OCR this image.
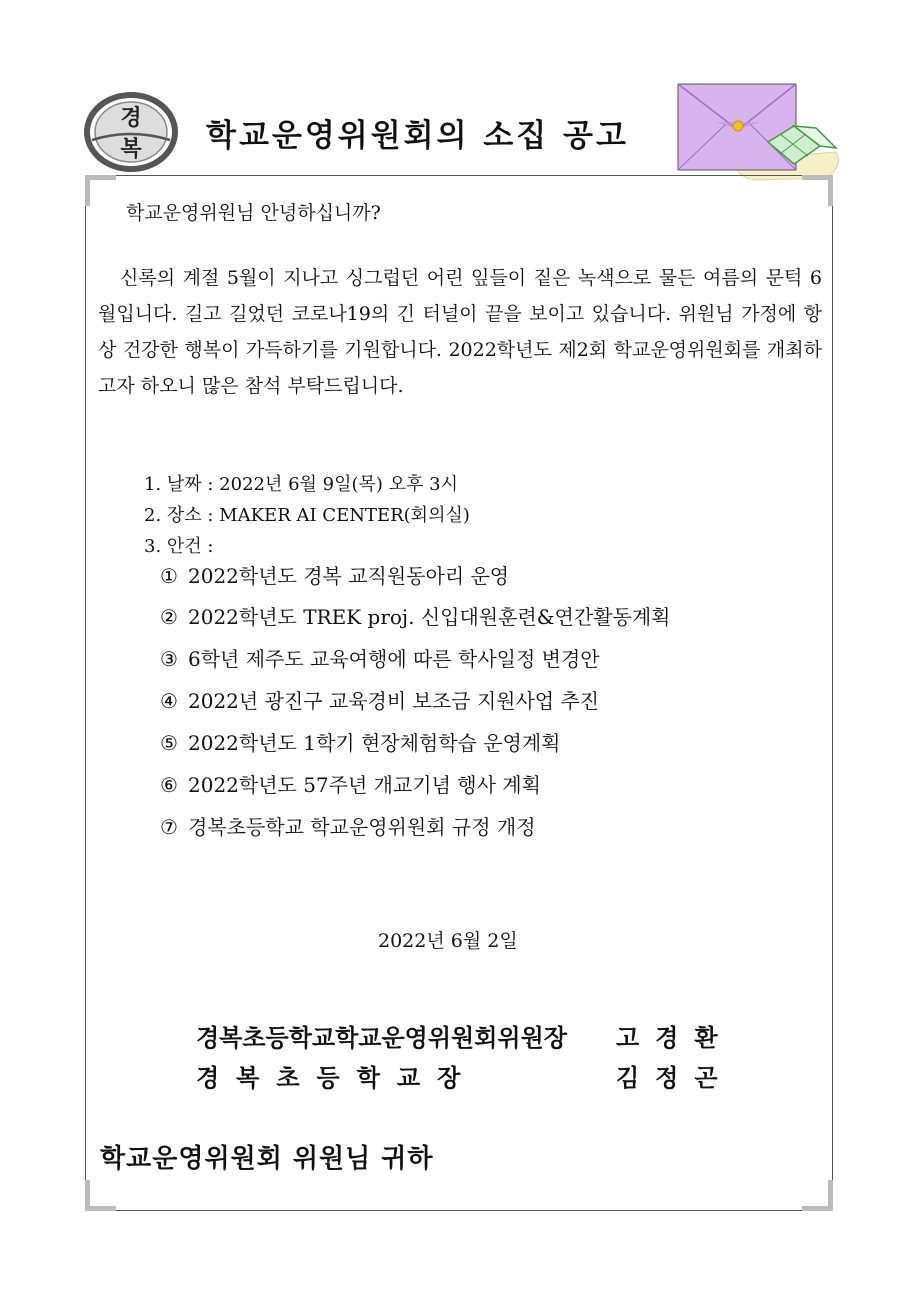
경
복 학교운영위원회의 소집 공고
학교운영위원님 안녕하십니까?
신록의 계절 5월이 지나고 싱그럽던 어린 잎들이 짙은 녹색으로 물든 여름의 문턱 6월입니다. 길고 길었던 코로나19의 긴 터널이 끝을 보이고 있습니다. 위원님 가정에 항상 건강한 행복이 가득하기를 기원합니다. 2022학년도 제2회 학교운영위원회를 개최하고자 하오니 많은 참석 부탁드립니다.
1. 날짜 : 2022년 6월 9일(목) 오후 3시
2. 장소 : MAKER AI CENTER(회의실)
3. 안건 :
① 2022학년도 경복 교직원동아리 운영
② 2022학년도 TREK proj. 신입대원훈련&연간활동계획
③ 6학년 제주도 교육여행에 따른 학사일정 변경안
④ 2022년 광진구 교육경비 보조금 지원사업 추진
⑤ 2022학년도 1학기 현장체험학습 운영계획
⑥ 2022학년도 57주년 개교기념 행사 계획
⑦ 경복초등학교 학교운영위원회 규정 개정
2022년 6월 2일
경복초등학교학교운영위원회위원장 고경환
경복초등학교장	김정곤
학교운영위원회 위원님 귀하
